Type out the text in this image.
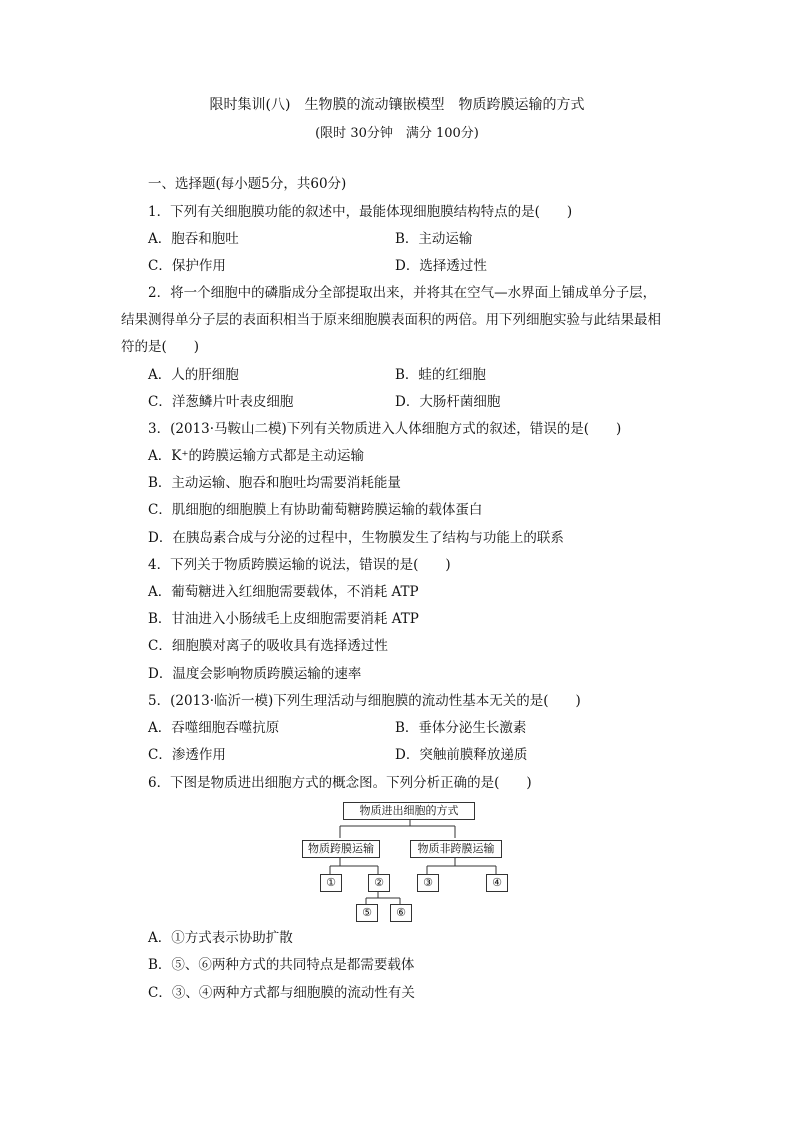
限时集训(八)　生物膜的流动镶嵌模型　物质跨膜运输的方式
(限时 30分钟　满分 100分)
一、选择题(每小题5分，共60分)
1．下列有关细胞膜功能的叙述中，最能体现细胞膜结构特点的是(　　)
A．胞吞和胞吐	B．主动运输
C．保护作用	D．选择透过性
2．将一个细胞中的磷脂成分全部提取出来，并将其在空气—水界面上铺成单分子层，
结果测得单分子层的表面积相当于原来细胞膜表面积的两倍。用下列细胞实验与此结果最相
符的是(　　)
A．人的肝细胞	B．蛙的红细胞
C．洋葱鳞片叶表皮细胞	D．大肠杆菌细胞
3．(2013·马鞍山二模)下列有关物质进入人体细胞方式的叙述，错误的是(　　)
A．K⁺的跨膜运输方式都是主动运输
B．主动运输、胞吞和胞吐均需要消耗能量
C．肌细胞的细胞膜上有协助葡萄糖跨膜运输的载体蛋白
D．在胰岛素合成与分泌的过程中，生物膜发生了结构与功能上的联系
4．下列关于物质跨膜运输的说法，错误的是(　　)
A．葡萄糖进入红细胞需要载体，不消耗 ATP
B．甘油进入小肠绒毛上皮细胞需要消耗 ATP
C．细胞膜对离子的吸收具有选择透过性
D．温度会影响物质跨膜运输的速率
5．(2013·临沂一模)下列生理活动与细胞膜的流动性基本无关的是(　　)
A．吞噬细胞吞噬抗原	B．垂体分泌生长激素
C．渗透作用	D．突触前膜释放递质
6．下图是物质进出细胞方式的概念图。下列分析正确的是(　　)
物质进出细胞的方式
物质跨膜运输	物质非跨膜运输
①	②	③	④
⑤	⑥
A．①方式表示协助扩散
B．⑤、⑥两种方式的共同特点是都需要载体
C．③、④两种方式都与细胞膜的流动性有关
